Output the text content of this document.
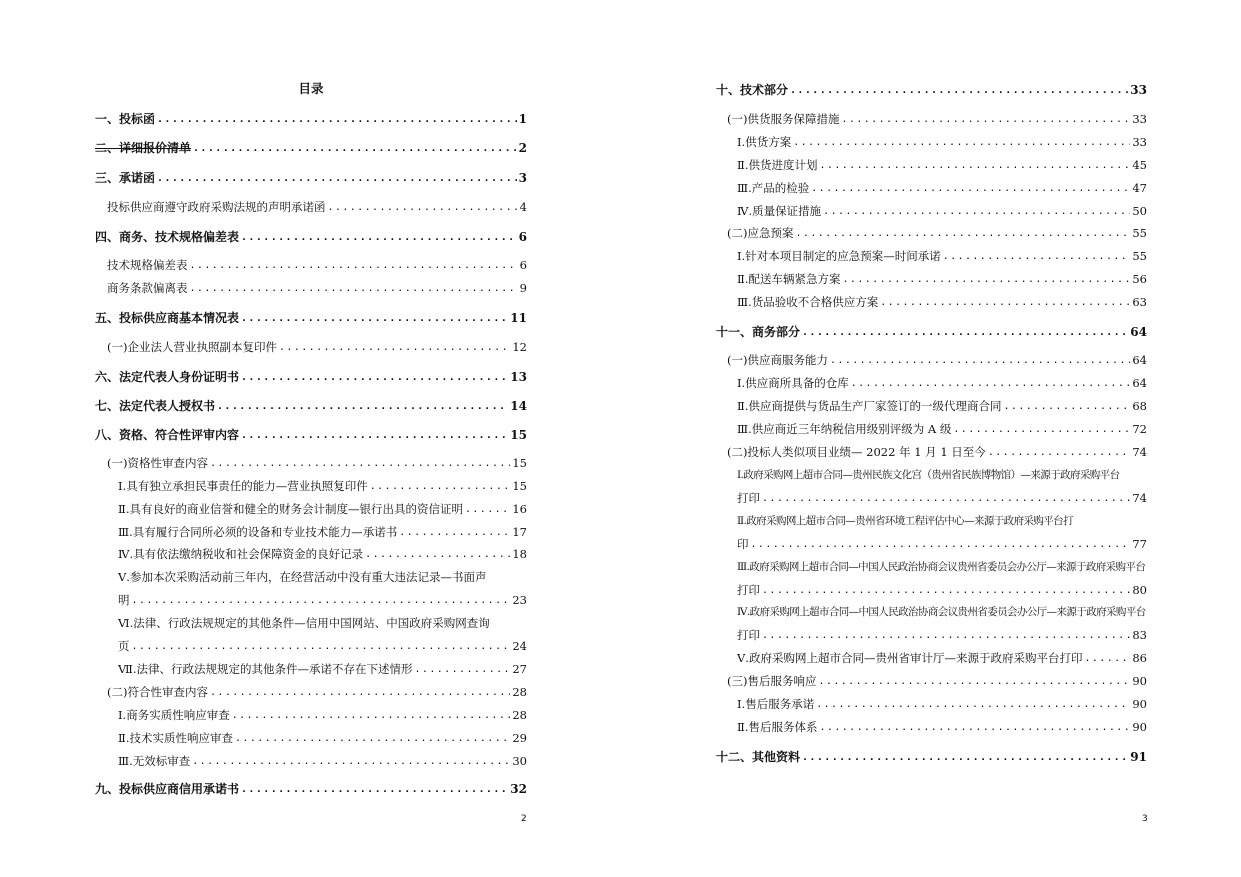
目录
一、投标函 .....	1
二、详细报价清单 .....	2
三、承诺函 .....	3
投标供应商遵守政府采购法规的声明承诺函 .....	4
四、商务、技术规格偏差表 .....	6
技术规格偏差表 .....	6
商务条款偏离表 .....	9
五、投标供应商基本情况表 .....	11
(一)企业法人营业执照副本复印件 .....	12
六、法定代表人身份证明书 .....	13
七、法定代表人授权书 .....	14
八、资格、符合性评审内容 .....	15
(一)资格性审查内容 .....	15
Ⅰ.具有独立承担民事责任的能力—营业执照复印件 .....	15
Ⅱ.具有良好的商业信誉和健全的财务会计制度—银行出具的资信证明 .....	16
Ⅲ.具有履行合同所必须的设备和专业技术能力—承诺书 .....	17
Ⅳ.具有依法缴纳税收和社会保障资金的良好记录 .....	18
Ⅴ.参加本次采购活动前三年内，在经营活动中没有重大违法记录—书面声
明 .....	23
Ⅵ.法律、行政法规规定的其他条件—信用中国网站、中国政府采购网查询
页 .....	24
Ⅶ.法律、行政法规规定的其他条件—承诺不存在下述情形 .....	27
(二)符合性审查内容 .....	28
Ⅰ.商务实质性响应审查 .....	28
Ⅱ.技术实质性响应审查 .....	29
Ⅲ.无效标审查 .....	30
九、投标供应商信用承诺书 .....	32
2
十、技术部分 .....	33
(一)供货服务保障措施 .....	33
Ⅰ.供货方案 .....	33
Ⅱ.供货进度计划 .....	45
Ⅲ.产品的检验 .....	47
Ⅳ.质量保证措施 .....	50
(二)应急预案 .....	55
Ⅰ.针对本项目制定的应急预案—时间承诺 .....	55
Ⅱ.配送车辆紧急方案 .....	56
Ⅲ.货品验收不合格供应方案 .....	63
十一、商务部分 .....	64
(一)供应商服务能力 .....	64
Ⅰ.供应商所具备的仓库 .....	64
Ⅱ.供应商提供与货品生产厂家签订的一级代理商合同 .....	68
Ⅲ.供应商近三年纳税信用级别评级为 A 级 .....	72
(二)投标人类似项目业绩— 2022 年 1 月 1 日至今 .....	74
Ⅰ.政府采购网上超市合同—贵州民族文化宫（贵州省民族博物馆）—来源于政府采购平台
打印 .....	74
Ⅱ.政府采购网上超市合同—贵州省环境工程评估中心—来源于政府采购平台打
印 .....	77
Ⅲ.政府采购网上超市合同—中国人民政治协商会议贵州省委员会办公厅—来源于政府采购平台
打印 .....	80
Ⅳ.政府采购网上超市合同—中国人民政治协商会议贵州省委员会办公厅—来源于政府采购平台
打印 .....	83
Ⅴ.政府采购网上超市合同—贵州省审计厅—来源于政府采购平台打印 .....	86
(三)售后服务响应 .....	90
Ⅰ.售后服务承诺 .....	90
Ⅱ.售后服务体系 .....	90
十二、其他资料 .....	91
3
